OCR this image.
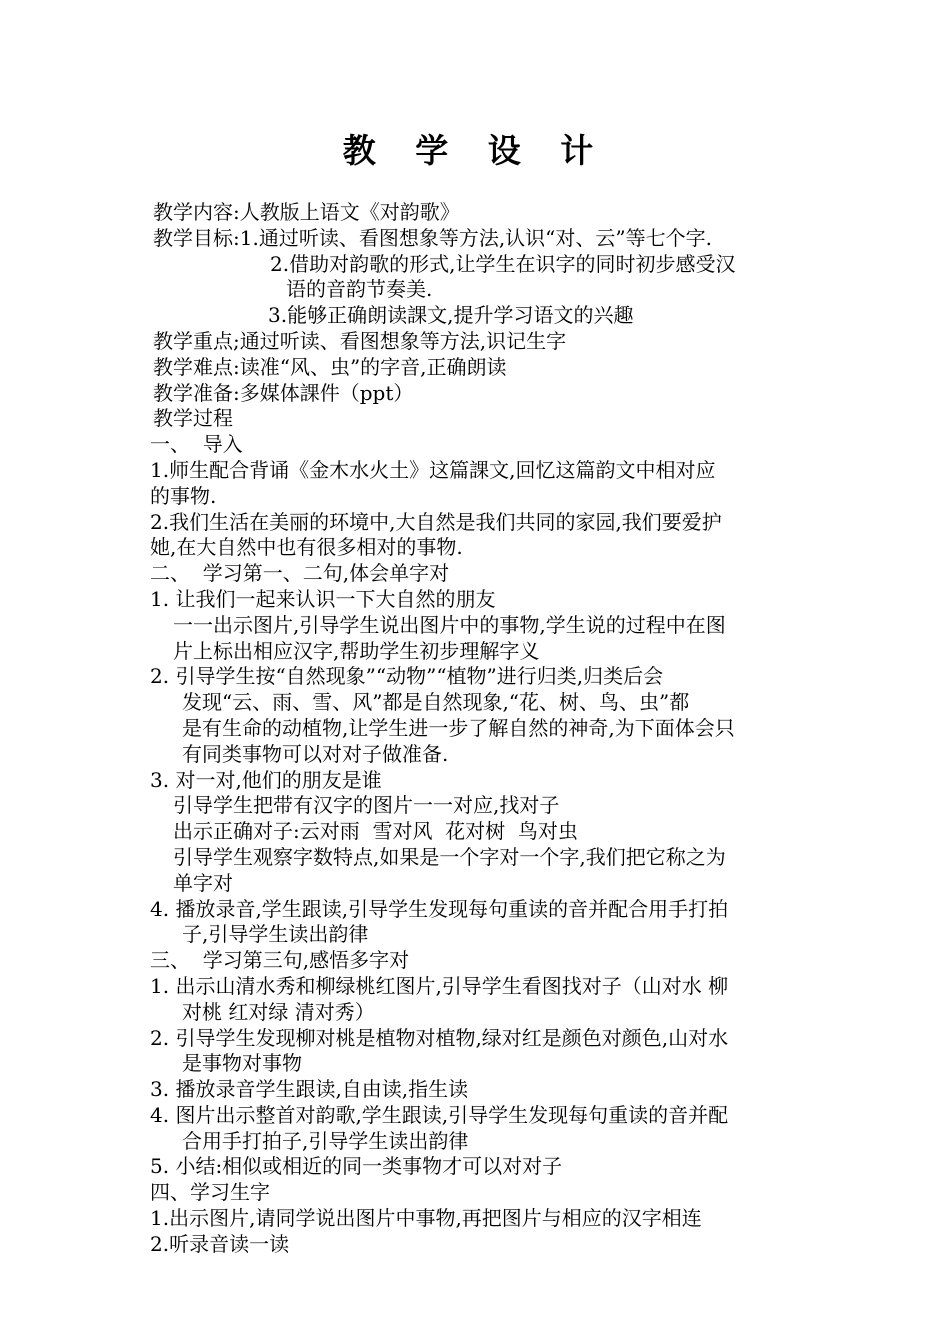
教 学 设 计
教学内容:人教版上语文《对韵歌》
教学目标:1.通过听读、看图想象等方法,认识“对、云”等七个字.
2.借助对韵歌的形式,让学生在识字的同时初步感受汉
语的音韵节奏美.
3.能够正确朗读課文,提升学习语文的兴趣
教学重点;通过听读、看图想象等方法,识记生字
教学难点:读准“风、虫”的字音,正确朗读
教学准备:多媒体課件（ppt）
教学过程
一、  导入
1.师生配合背诵《金木水火土》这篇課文,回忆这篇韵文中相对应
的事物.
2.我们生活在美丽的环境中,大自然是我们共同的家园,我们要爱护
她,在大自然中也有很多相对的事物.
二、  学习第一、二句,体会单字对
1. 让我们一起来认识一下大自然的朋友
一一出示图片,引导学生说出图片中的事物,学生说的过程中在图
片上标出相应汉字,帮助学生初步理解字义
2. 引导学生按“自然现象”“动物”“植物”进行归类,归类后会
发现“云、雨、雪、风”都是自然现象,“花、树、鸟、虫”都
是有生命的动植物,让学生进一步了解自然的神奇,为下面体会只
有同类事物可以对对子做准备.
3. 对一对,他们的朋友是谁
引导学生把带有汉字的图片一一对应,找对子
出示正确对子:云对雨  雪对风  花对树  鸟对虫
引导学生观察字数特点,如果是一个字对一个字,我们把它称之为
单字对
4. 播放录音,学生跟读,引导学生发现每句重读的音并配合用手打拍
子,引导学生读出韵律
三、  学习第三句,感悟多字对
1. 出示山清水秀和柳绿桃红图片,引导学生看图找对子（山对水 柳
对桃 红对绿 清对秀）
2. 引导学生发现柳对桃是植物对植物,绿对红是颜色对颜色,山对水
是事物对事物
3. 播放录音学生跟读,自由读,指生读
4. 图片出示整首对韵歌,学生跟读,引导学生发现每句重读的音并配
合用手打拍子,引导学生读出韵律
5. 小结:相似或相近的同一类事物才可以对对子
四、学习生字
1.出示图片,请同学说出图片中事物,再把图片与相应的汉字相连
2.听录音读一读
